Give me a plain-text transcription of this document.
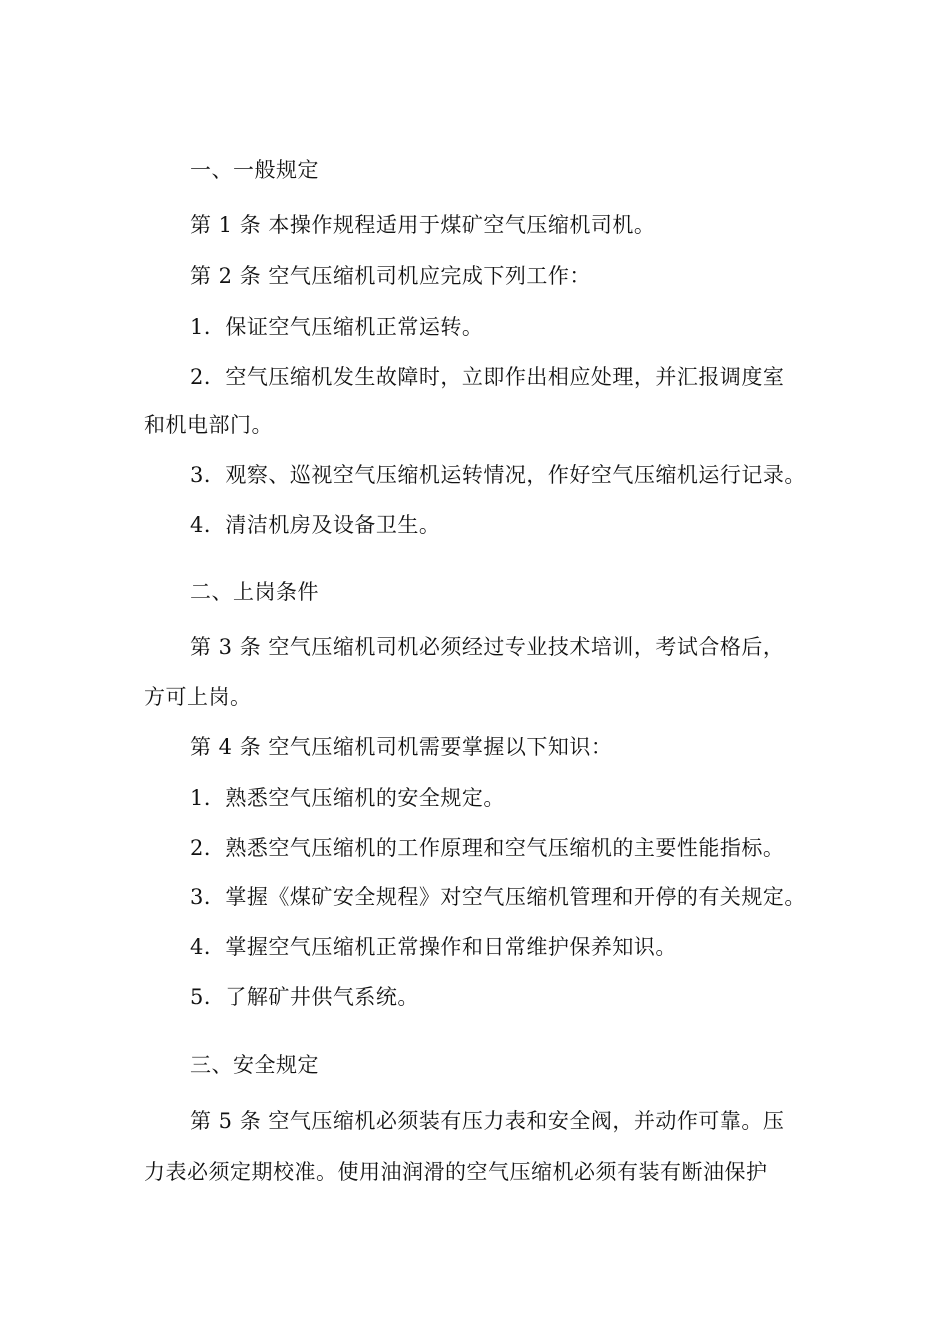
一、一般规定
第 1 条 本操作规程适用于煤矿空气压缩机司机。
第 2 条 空气压缩机司机应完成下列工作：
1．保证空气压缩机正常运转。
2．空气压缩机发生故障时，立即作出相应处理，并汇报调度室
和机电部门。
3．观察、巡视空气压缩机运转情况，作好空气压缩机运行记录。
4．清洁机房及设备卫生。
二、上岗条件
第 3 条 空气压缩机司机必须经过专业技术培训，考试合格后，
方可上岗。
第 4 条 空气压缩机司机需要掌握以下知识：
1．熟悉空气压缩机的安全规定。
2．熟悉空气压缩机的工作原理和空气压缩机的主要性能指标。
3．掌握《煤矿安全规程》对空气压缩机管理和开停的有关规定。
4．掌握空气压缩机正常操作和日常维护保养知识。
5．了解矿井供气系统。
三、安全规定
第 5 条 空气压缩机必须装有压力表和安全阀，并动作可靠。压
力表必须定期校准。使用油润滑的空气压缩机必须有装有断油保护
